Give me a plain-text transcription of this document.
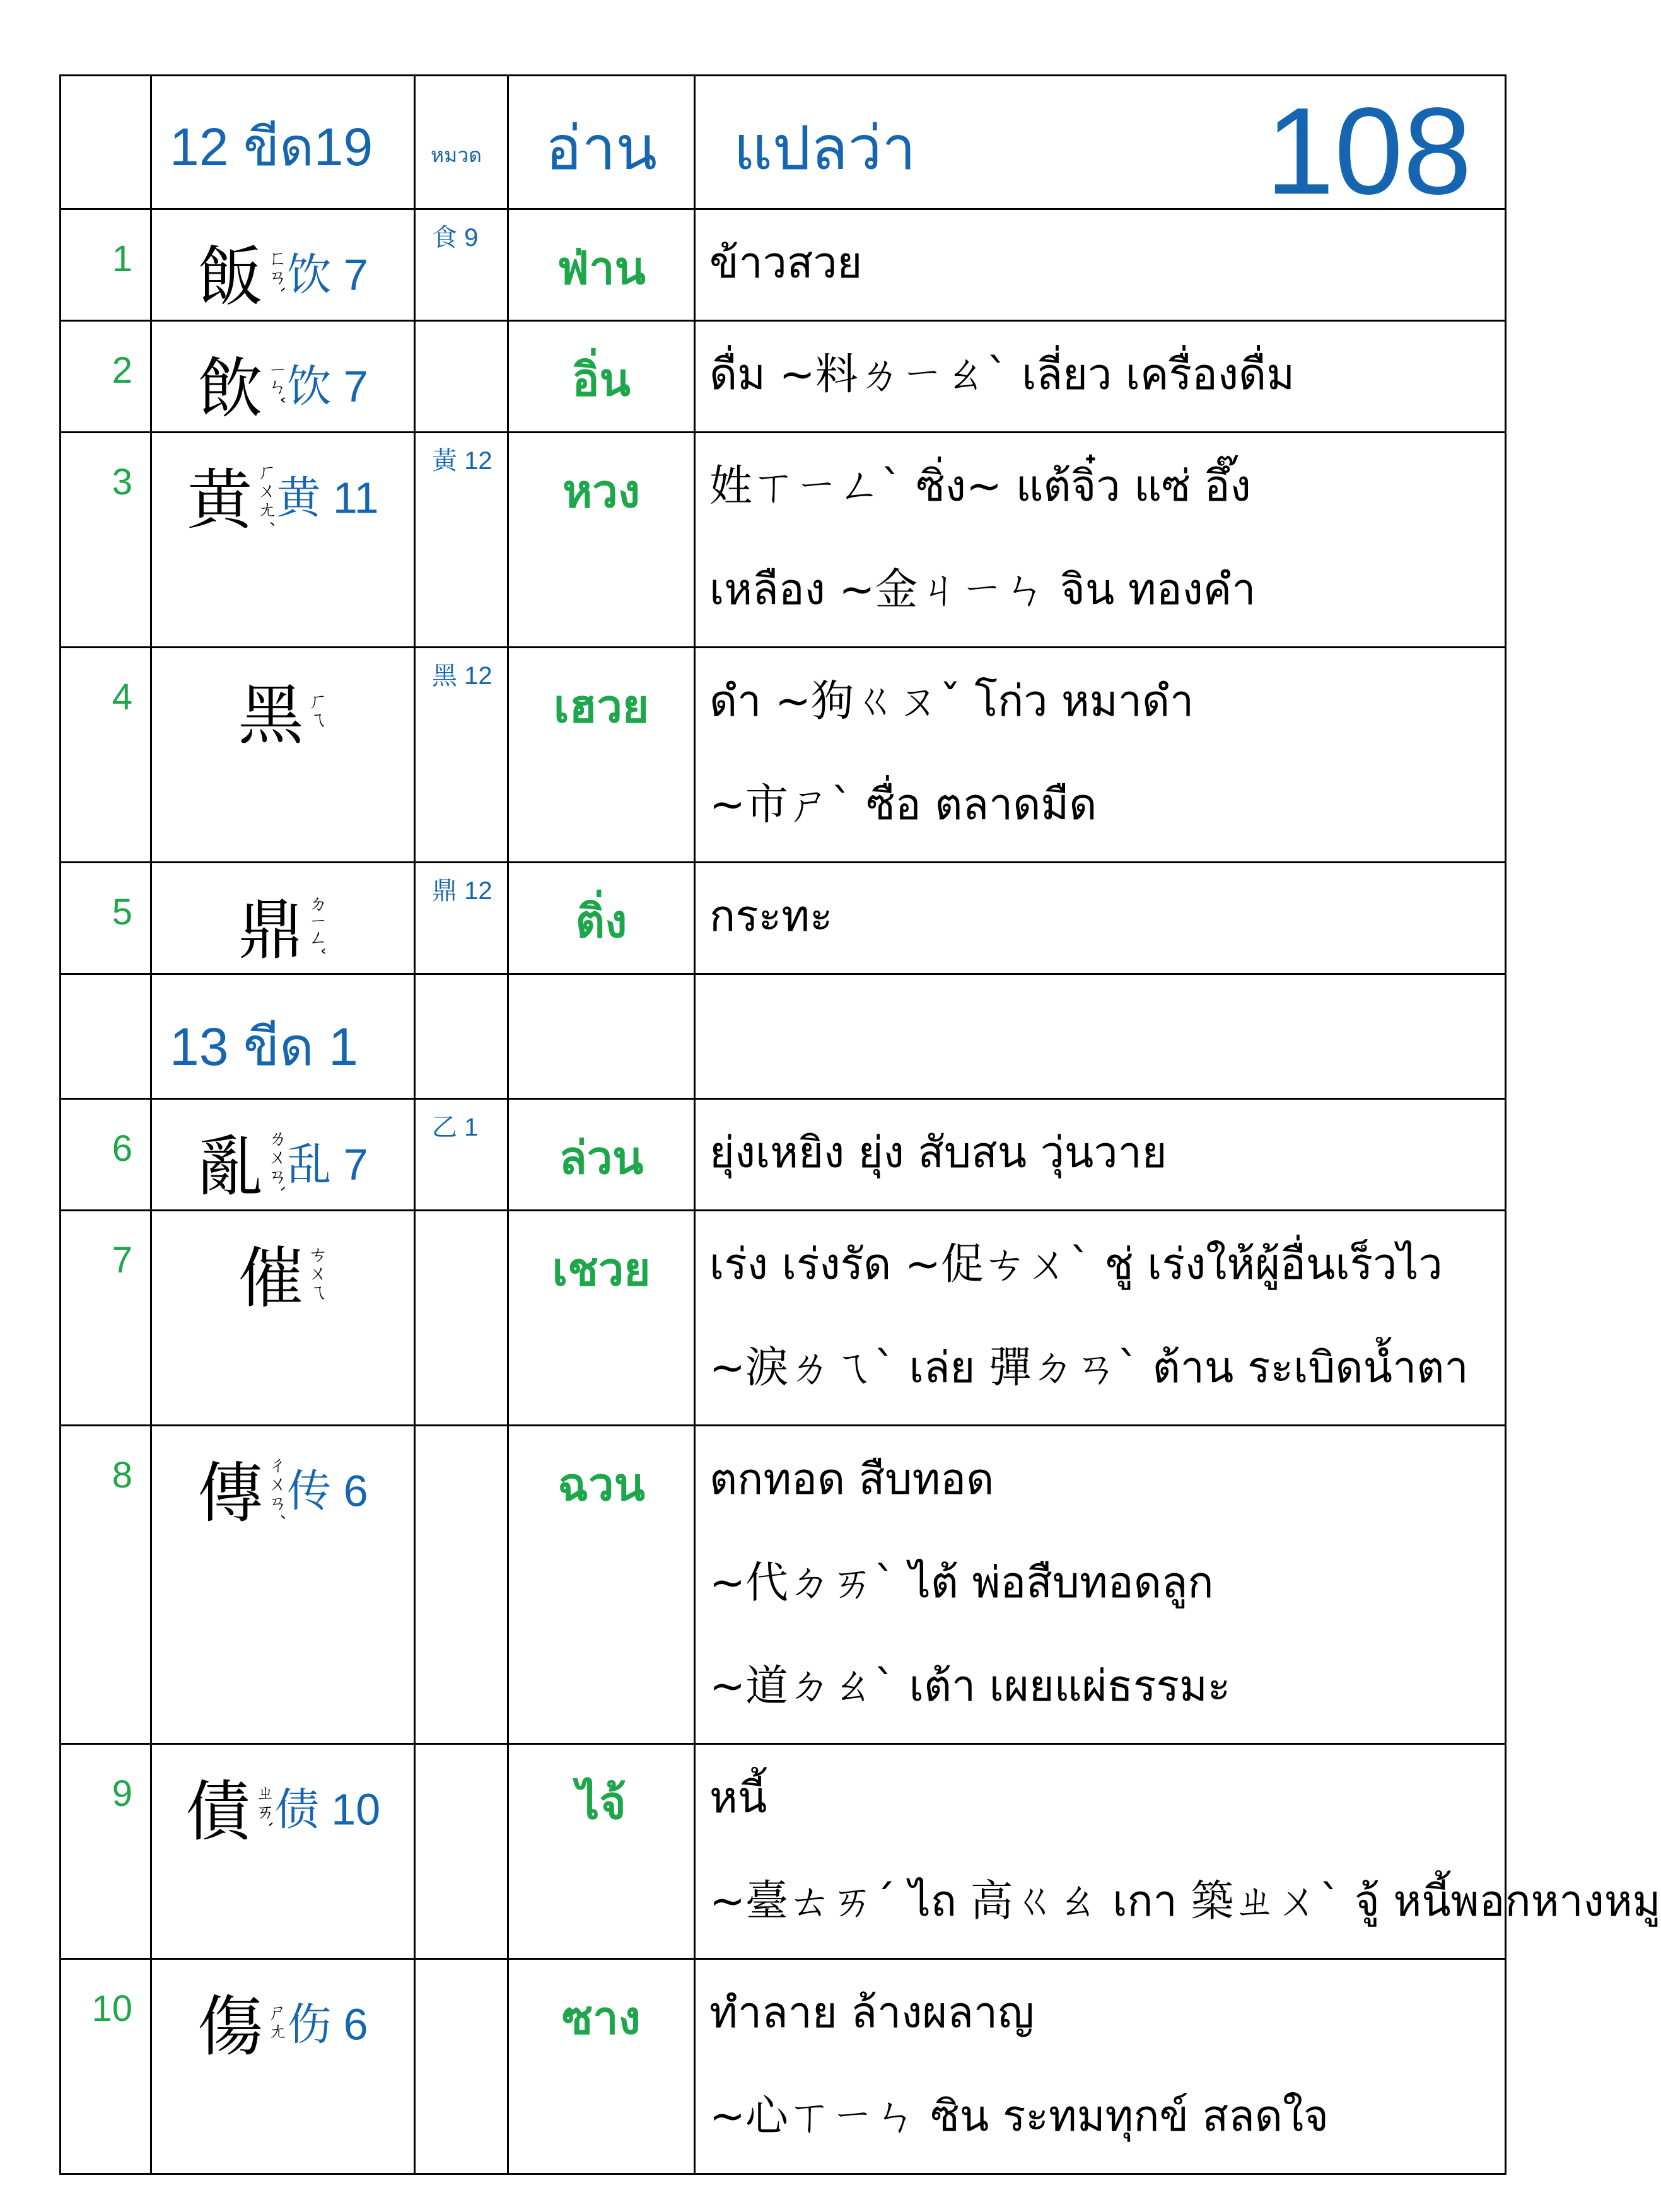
	12 ขีด19	หมวด	อ่าน	แปลว่า 108

1	飯ㄈㄢˋ饮 7	食 9	ฟ่าน	ข้าวสวย

2	飲ㄧㄣˇ饮 7		อิ่น	ดื่ม ~料ㄌㄧㄠˋ เลี่ยว เครื่องดื่ม

3	黄ㄏㄨㄤˊ黄 11	黃 12	หวง	姓ㄒㄧㄥˋ ซิ่ง~ แต้จิ๋ว แซ่ อึ๊ง
เหลือง ~金ㄐㄧㄣ จิน ทองคำ

4	黑ㄏㄟ	黑 12	เฮวย	ดำ ~狗ㄍㄡˇ โก่ว หมาดำ
~市ㄕˋ ซื่อ ตลาดมืด

5	鼎ㄉㄧㄥˇ	鼎 12	ติ่ง	กระทะ

	13 ขีด 1			
6	亂ㄌㄨㄢˋ乱 7	乙 1	ล่วน	ยุ่งเหยิง ยุ่ง สับสน วุ่นวาย

7	催ㄘㄨㄟ		เชวย	เร่ง เร่งรัด ~促ㄘㄨˋ ชู่ เร่งให้ผู้อื่นเร็วไว
~淚ㄌㄟˋ เล่ย 彈ㄉㄢˋ ต้าน ระเบิดน้ำตา

8	傳ㄔㄨㄢˊ传 6		ฉวน	ตกทอด สืบทอด
~代ㄉㄞˋ ไต้ พ่อสืบทอดลูก
~道ㄉㄠˋ เต้า เผยแผ่ธรรมะ

9	債ㄓㄞˋ债 10		ไจ้	หนี้
~臺ㄊㄞˊ ไถ 高ㄍㄠ เกา 築ㄓㄨˋ จู้ หนี้พอกหางหมู

10	傷ㄕㄤ伤 6		ซาง	ทำลาย ล้างผลาญ
~心ㄒㄧㄣ ซิน ระทมทุกข์ สลดใจ
